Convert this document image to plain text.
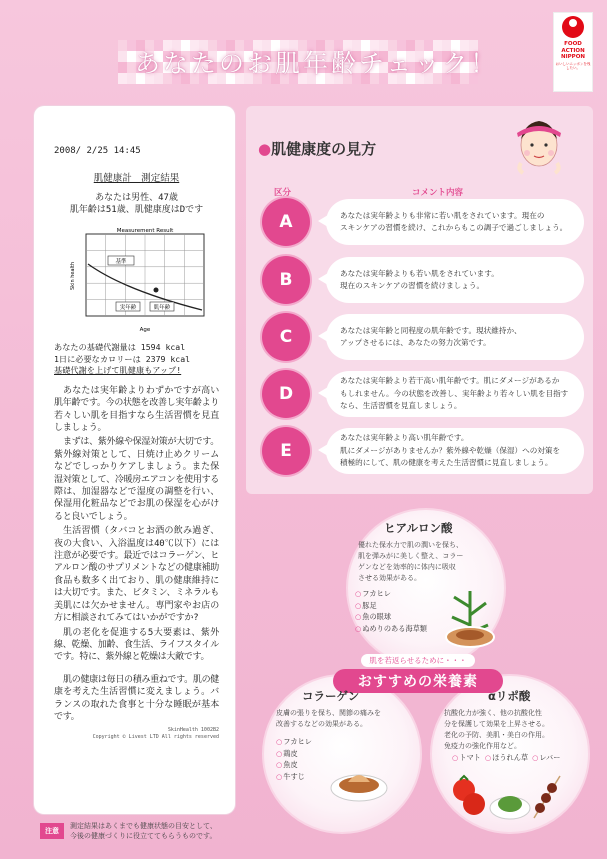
あなたのお肌年齢チェック！
FOOD
ACTION
NIPPON
おいしいニッポンを残したい。
2008/ 2/25 14:45
肌健康計　測定結果
あなたは男性、47歳
肌年齢は51歳、肌健康度はDです
Measurement Result
Skin health
Age
基準
実年齢	肌年齢
あなたの基礎代謝量は 1594 kcal
1日に必要なカロリーは 2379 kcal
基礎代謝を上げて肌健康もアップ!

あなたは実年齢よりわずかですが高い肌年齢です。今の状態を改善し実年齢より若々しい肌を目指すなら生活習慣を見直しましょう。

まずは、紫外線や保湿対策が大切です。紫外線対策として、日焼け止めクリームなどでしっかりケアしましょう。また保湿対策として、冷暖房エアコンを使用する際は、加湿器などで湿度の調整を行い、保湿用化粧品などでお肌の保湿を心がけると良いでしょう。

生活習慣（タバコとお酒の飲み過ぎ、夜の大食い、入浴温度は40℃以下）には注意が必要です。最近ではコラーゲン、ヒアルロン酸のサプリメントなどの健康補助食品も数多く出ており、肌の健康維持には大切です。また、ビタミン、ミネラルも美肌には欠かせません。専門家やお店の方に相談されてみてはいかがですか?

肌の老化を促進する5大要素は、紫外線、乾燥、加齢、食生活、ライフスタイルです。特に、紫外線と乾燥は大敵です。

肌の健康は毎日の積み重ねです。肌の健康を考えた生活習慣に変えましょう。バランスの取れた食事と十分な睡眠が基本です。

SkinHealth 1002B2
Copyright © Livest LTD All rights reserved
注意
測定結果はあくまでも健康状態の目安として、
今後の健康づくりに役立ててもらうものです。
●肌健康度の見方
区分	コメント内容
A	あなたは実年齢よりも非常に若い肌をされています。現在の
スキンケアの習慣を続け、これからもこの調子で過ごしましょう。
B	あなたは実年齢よりも若い肌をされています。
現在のスキンケアの習慣を続けましょう。
C	あなたは実年齢と同程度の肌年齢です。現状維持か、
アップさせるには、あなたの努力次第です。
D
あなたは実年齢より若干高い肌年齢です。肌にダメージがあるか
もしれません。今の状態を改善し、実年齢より若々しい肌を目指す
なら、生活習慣を見直しましょう。
E
あなたは実年齢より高い肌年齢です。
肌にダメージがありませんか？紫外線や乾燥（保湿）への対策を
積極的にして、肌の健康を考えた生活習慣に見直しましょう。
ヒアルロン酸
優れた保水力で肌の潤いを保ち、
肌を弾みがに美しく整え、コラー
ゲンなどを効率的に体内に吸収
させる効果がある。
○ フカヒレ
○ 豚足
○ 魚の眼球
○ ぬめりのある海草類
肌を若返らせるために・・・
おすすめの栄養素
コラーゲン
皮膚の張りを保ち、関節の痛みを
改善するなどの効果がある。
○ フカヒレ
○ 鶏皮
○ 魚皮
○ 牛すじ
αリポ酸
抗酸化力が強く、他の抗酸化性
分を保護して効果を上昇させる。
老化の予防、美肌・美白の作用。
免疫力の強化作用など。
○ トマト	○ ほうれん草	○ レバー
